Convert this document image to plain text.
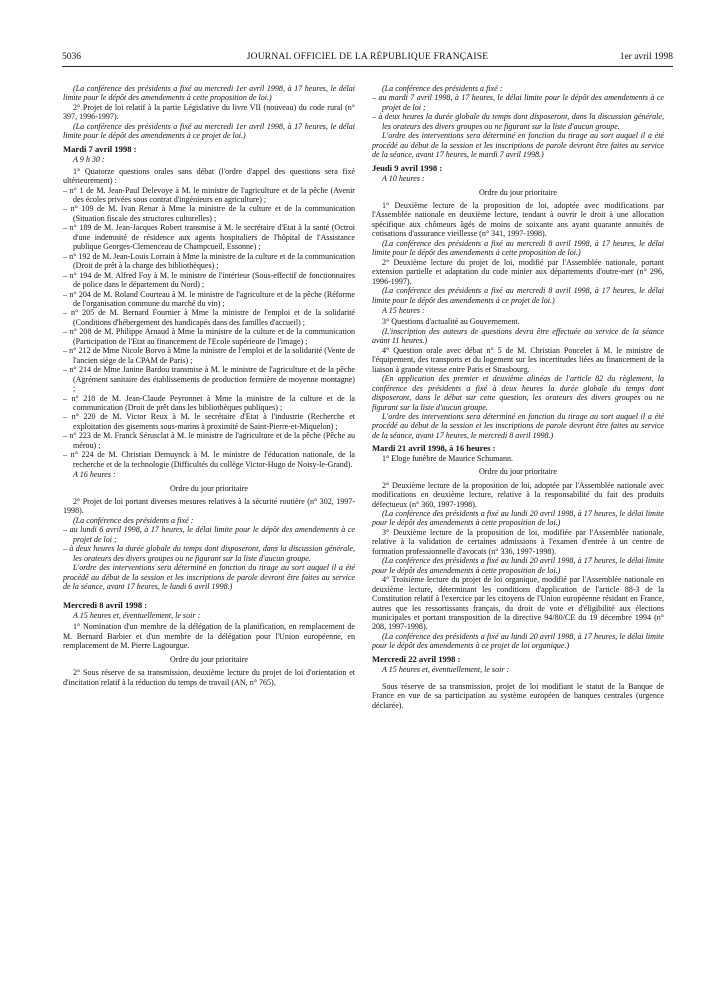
5036	JOURNAL OFFICIEL DE LA RÉPUBLIQUE FRANÇAISE	1er avril 1998

(La conférence des présidents a fixé au mercredi 1er avril 1998, à 17 heures, le délai limite pour le dépôt des amendements à cette proposition de loi.)

2° Projet de loi relatif à la partie Législative du livre VII (nouveau) du code rural (n° 397, 1996-1997).

(La conférence des présidents a fixé au mercredi 1er avril 1998, à 17 heures, le délai limite pour le dépôt des amendements à ce projet de loi.)

Mardi 7 avril 1998 :

A 9 h 30 :

1° Quatorze questions orales sans débat (l'ordre d'appel des questions sera fixé ultérieurement) :

– n° 1 de M. Jean-Paul Delevoye à M. le ministre de l'agriculture et de la pêche (Avenir des écoles privées sous contrat d'ingénieurs en agriculture) ;
– n° 109 de M. Ivan Renar à Mme la ministre de la culture et de la communication (Situation fiscale des structures culturelles) ;
– n° 189 de M. Jean-Jacques Robert transmise à M. le secrétaire d'Etat à la santé (Octroi d'une indemnité de résidence aux agents hospitaliers de l'hôpital de l'Assistance publique Georges-Clemenceau de Champcueil, Essonne) ;
– n° 192 de M. Jean-Louis Lorrain à Mme la ministre de la culture et de la communication (Droit de prêt à la charge des bibliothèques) ;
– n° 194 de M. Alfred Foy à M. le ministre de l'intérieur (Sous-effectif de fonctionnaires de police dans le département du Nord) ;
– n° 204 de M. Roland Courteau à M. le ministre de l'agriculture et de la pêche (Réforme de l'organisation commune du marché du vin) ;
– n° 205 de M. Bernard Fournier à Mme la ministre de l'emploi et de la solidarité (Conditions d'hébergement des handicapés dans des familles d'accueil) ;
– n° 208 de M. Philippe Arnaud à Mme la ministre de la culture et de la communication (Participation de l'Etat au financement de l'Ecole supérieure de l'image) ;
– n° 212 de Mme Nicole Borvo à Mme la ministre de l'emploi et de la solidarité (Vente de l'ancien siège de la CPAM de Paris) ;
– n° 214 de Mme Janine Bardou transmise à M. le ministre de l'agriculture et de la pêche (Agrément sanitaire des établissements de production fermière de moyenne montagne) ;
– n° 218 de M. Jean-Claude Peyronnet à Mme la ministre de la culture et de la communication (Droit de prêt dans les bibliothèques publiques) ;
– n° 220 de M. Victor Reux à M. le secrétaire d'Etat à l'industrie (Recherche et exploitation des gisements sous-marins à proximité de Saint-Pierre-et-Miquelon) ;
– n° 223 de M. Franck Sérusclat à M. le ministre de l'agriculture et de la pêche (Pêche au mérou) ;
– n° 224 de M. Christian Demuynck à M. le ministre de l'éducation nationale, de la recherche et de la technologie (Difficultés du collège Victor-Hugo de Noisy-le-Grand).

A 16 heures :

Ordre du jour prioritaire

2° Projet de loi portant diverses mesures relatives à la sécurité routière (n° 302, 1997-1998).

(La conférence des présidents a fixé :

– au lundi 6 avril 1998, à 17 heures, le délai limite pour le dépôt des amendements à ce projet de loi ;
– à deux heures la durée globale du temps dont disposeront, dans la discussion générale, les orateurs des divers groupes ou ne figurant sur la liste d'aucun groupe.

L'ordre des interventions sera déterminé en fonction du tirage au sort auquel il a été procédé au début de la session et les inscriptions de parole devront être faites au service de la séance, avant 17 heures, le lundi 6 avril 1998.)

Mercredi 8 avril 1998 :

A 15 heures et, éventuellement, le soir :

1° Nomination d'un membre de la délégation de la planification, en remplacement de M. Bernard Barbier et d'un membre de la délégation pour l'Union européenne, en remplacement de M. Pierre Lagourgue.

Ordre du jour prioritaire

2° Sous réserve de sa transmission, deuxième lecture du projet de loi d'orientation et d'incitation relatif à la réduction du temps de travail (AN, n° 765).

(La conférence des présidents a fixé :

– au mardi 7 avril 1998, à 17 heures, le délai limite pour le dépôt des amendements à ce projet de loi ;
– à deux heures la durée globale du temps dont disposeront, dans la discussion générale, les orateurs des divers groupes ou ne figurant sur la liste d'aucun groupe.

L'ordre des interventions sera déterminé en fonction du tirage au sort auquel il a été procédé au début de la session et les inscriptions de parole devront être faites au service de la séance, avant 17 heures, le mardi 7 avril 1998.)

Jeudi 9 avril 1998 :

A 10 heures :

Ordre du jour prioritaire

1° Deuxième lecture de la proposition de loi, adoptée avec modifications par l'Assemblée nationale en deuxième lecture, tendant à ouvrir le droit à une allocation spécifique aux chômeurs âgés de moins de soixante ans ayant quarante annuités de cotisations d'assurance vieillesse (n° 341, 1997-1998).

(La conférence des présidents a fixé au mercredi 8 avril 1998, à 17 heures, le délai limite pour le dépôt des amendements à cette proposition de loi.)

2° Deuxième lecture du projet de loi, modifié par l'Assemblée nationale, portant extension partielle et adaptation du code minier aux départements d'outre-mer (n° 296, 1996-1997).

(La conférence des présidents a fixé au mercredi 8 avril 1998, à 17 heures, le délai limite pour le dépôt des amendements à ce projet de loi.)

A 15 heures :

3° Questions d'actualité au Gouvernement.

(L'inscription des auteurs de questions devra être effectuée au service de la séance avant 11 heures.)

4° Question orale avec débat n° 5 de M. Christian Poncelet à M. le ministre de l'équipement, des transports et du logement sur les incertitudes liées au financement de la liaison à grande vitesse entre Paris et Strasbourg.

(En application des premier et deuxième alinéas de l'article 82 du règlement, la conférence des présidents a fixé à deux heures la durée globale du temps dont disposeront, dans le débat sur cette question, les orateurs des divers groupes ou ne figurant sur la liste d'aucun groupe.

L'ordre des interventions sera déterminé en fonction du tirage au sort auquel il a été procédé au début de la session et les inscriptions de parole devront être faites au service de la séance, avant 17 heures, le mercredi 8 avril 1998.)

Mardi 21 avril 1998, à 16 heures :

1° Eloge funèbre de Maurice Schumann.

Ordre du jour prioritaire

2° Deuxième lecture de la proposition de loi, adoptée par l'Assemblée nationale avec modifications en deuxième lecture, relative à la responsabilité du fait des produits défectueux (n° 360, 1997-1998).

(La conférence des présidents a fixé au lundi 20 avril 1998, à 17 heures, le délai limite pour le dépôt des amendements à cette proposition de loi.)

3° Deuxième lecture de la proposition de loi, modifiée par l'Assemblée nationale, relative à la validation de certaines admissions à l'examen d'entrée à un centre de formation professionnelle d'avocats (n° 336, 1997-1998).

(La conférence des présidents a fixé au lundi 20 avril 1998, à 17 heures, le délai limite pour le dépôt des amendements à cette proposition de loi.)

4° Troisième lecture du projet de loi organique, modifié par l'Assemblée nationale en deuxième lecture, déterminant les conditions d'application de l'article 88-3 de la Constitution relatif à l'exercice par les citoyens de l'Union européenne résidant en France, autres que les ressortissants français, du droit de vote et d'éligibilité aux élections municipales et portant transposition de la directive 94/80/CE du 19 décembre 1994 (n° 208, 1997-1998).

(La conférence des présidents a fixé au lundi 20 avril 1998, à 17 heures, le délai limite pour le dépôt des amendements à ce projet de loi organique.)

Mercredi 22 avril 1998 :

A 15 heures et, éventuellement, le soir :

Sous réserve de sa transmission, projet de loi modifiant le statut de la Banque de France en vue de sa participation au système européen de banques centrales (urgence déclarée).
